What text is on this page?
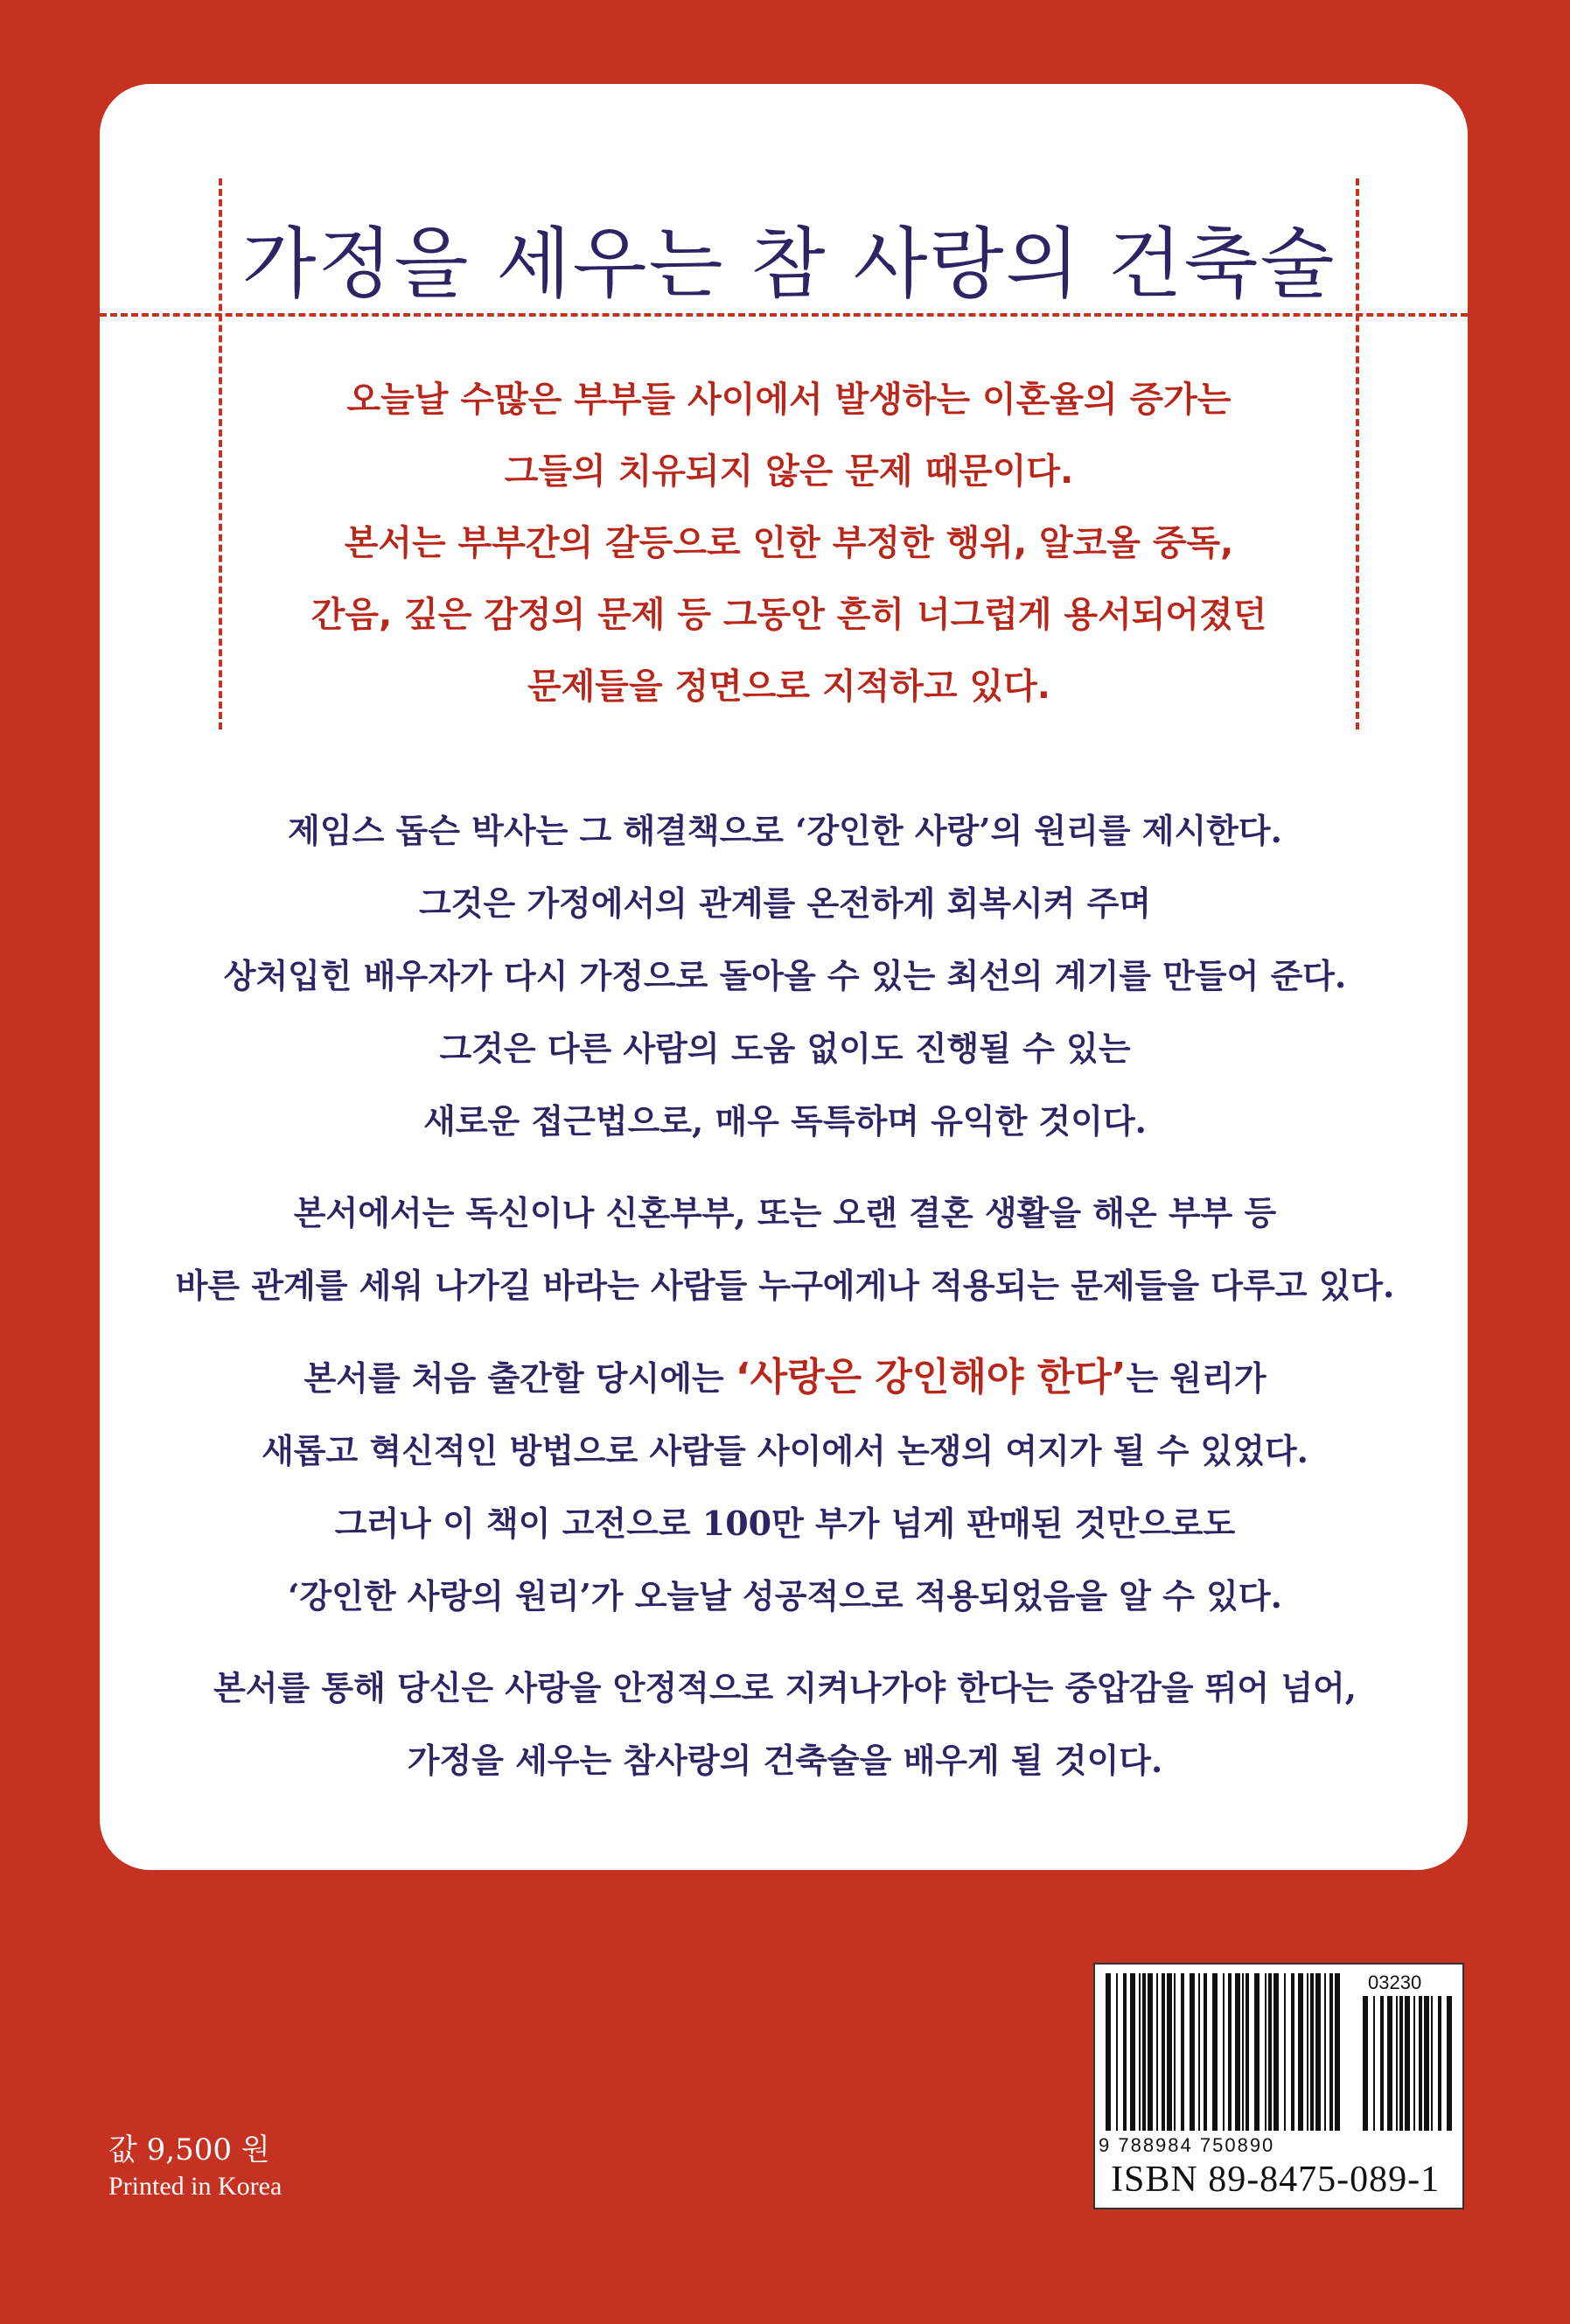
가정을 세우는 참 사랑의 건축술
오늘날 수많은 부부들 사이에서 발생하는 이혼율의 증가는
그들의 치유되지 않은 문제 때문이다.
본서는 부부간의 갈등으로 인한 부정한 행위, 알코올 중독,
간음, 깊은 감정의 문제 등 그동안 흔히 너그럽게 용서되어졌던
문제들을 정면으로 지적하고 있다.
제임스 돕슨 박사는 그 해결책으로 ‘강인한 사랑’의 원리를 제시한다.
그것은 가정에서의 관계를 온전하게 회복시켜 주며
상처입힌 배우자가 다시 가정으로 돌아올 수 있는 최선의 계기를 만들어 준다.
그것은 다른 사람의 도움 없이도 진행될 수 있는
새로운 접근법으로, 매우 독특하며 유익한 것이다.
본서에서는 독신이나 신혼부부, 또는 오랜 결혼 생활을 해온 부부 등
바른 관계를 세워 나가길 바라는 사람들 누구에게나 적용되는 문제들을 다루고 있다.
본서를 처음 출간할 당시에는 ‘사랑은 강인해야 한다’는 원리가
새롭고 혁신적인 방법으로 사람들 사이에서 논쟁의 여지가 될 수 있었다.
그러나 이 책이 고전으로 100만 부가 넘게 판매된 것만으로도
‘강인한 사랑의 원리’가 오늘날 성공적으로 적용되었음을 알 수 있다.
본서를 통해 당신은 사랑을 안정적으로 지켜나가야 한다는 중압감을 뛰어 넘어,
가정을 세우는 참사랑의 건축술을 배우게 될 것이다.
값 9,500 원
Printed in Korea
03230
9 788984 750890
ISBN 89-8475-089-1
